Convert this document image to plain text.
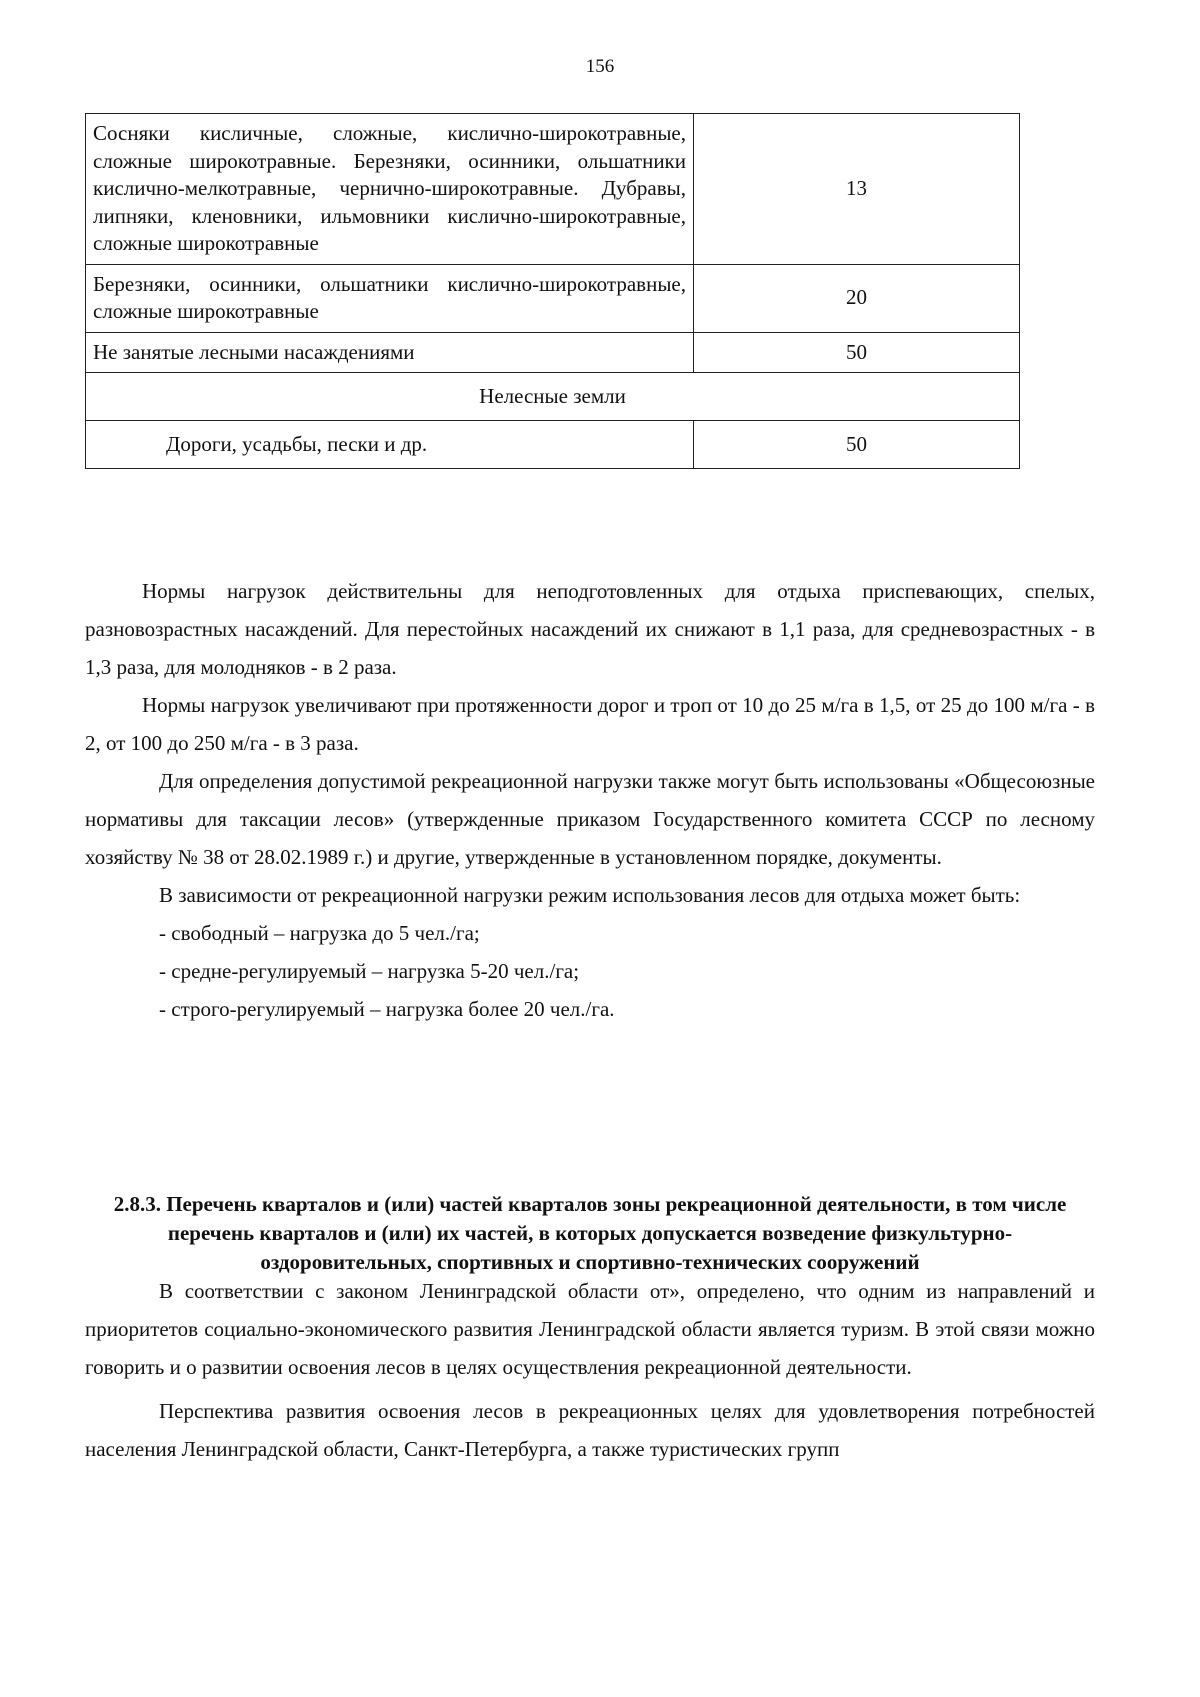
156
Сосняки кисличные, сложные, кислично-широкотравные, сложные широкотравные. Березняки, осинники, ольшатники кислично-мелкотравные, чернично-широкотравные. Дубравы, липняки, кленовники, ильмовники кислично-широкотравные, сложные широкотравные	13
Березняки, осинники, ольшатники кислично-широкотравные, сложные широкотравные	20
Не занятые лесными насаждениями	50
Нелесные земли	
Дороги, усадьбы, пески и др.	50

Нормы нагрузок действительны для неподготовленных для отдыха приспевающих, спелых, разновозрастных насаждений. Для перестойных насаждений их снижают в 1,1 раза, для средневозрастных - в 1,3 раза, для молодняков - в 2 раза.

Нормы нагрузок увеличивают при протяженности дорог и троп от 10 до 25 м/га в 1,5, от 25 до 100 м/га - в 2, от 100 до 250 м/га - в 3 раза.

Для определения допустимой рекреационной нагрузки также могут быть использованы «Общесоюзные нормативы для таксации лесов» (утвержденные приказом Государственного комитета СССР по лесному хозяйству № 38 от 28.02.1989 г.) и другие, утвержденные в установленном порядке, документы.

В зависимости от рекреационной нагрузки режим использования лесов для отдыха может быть:

- свободный – нагрузка до 5 чел./га;

- средне-регулируемый – нагрузка 5-20 чел./га;

- строго-регулируемый – нагрузка более 20 чел./га.

2.8.3. Перечень кварталов и (или) частей кварталов зоны рекреационной деятельности, в том числе перечень кварталов и (или) их частей, в которых допускается возведение физкультурно-оздоровительных, спортивных и спортивно-технических сооружений

В соответствии с законом Ленинградской области от», определено, что одним из направлений и приоритетов социально-экономического развития Ленинградской области является туризм. В этой связи можно говорить и о развитии освоения лесов в целях осуществления рекреационной деятельности.

Перспектива развития освоения лесов в рекреационных целях для удовлетворения потребностей населения Ленинградской области, Санкт-Петербурга, а также туристических групп
